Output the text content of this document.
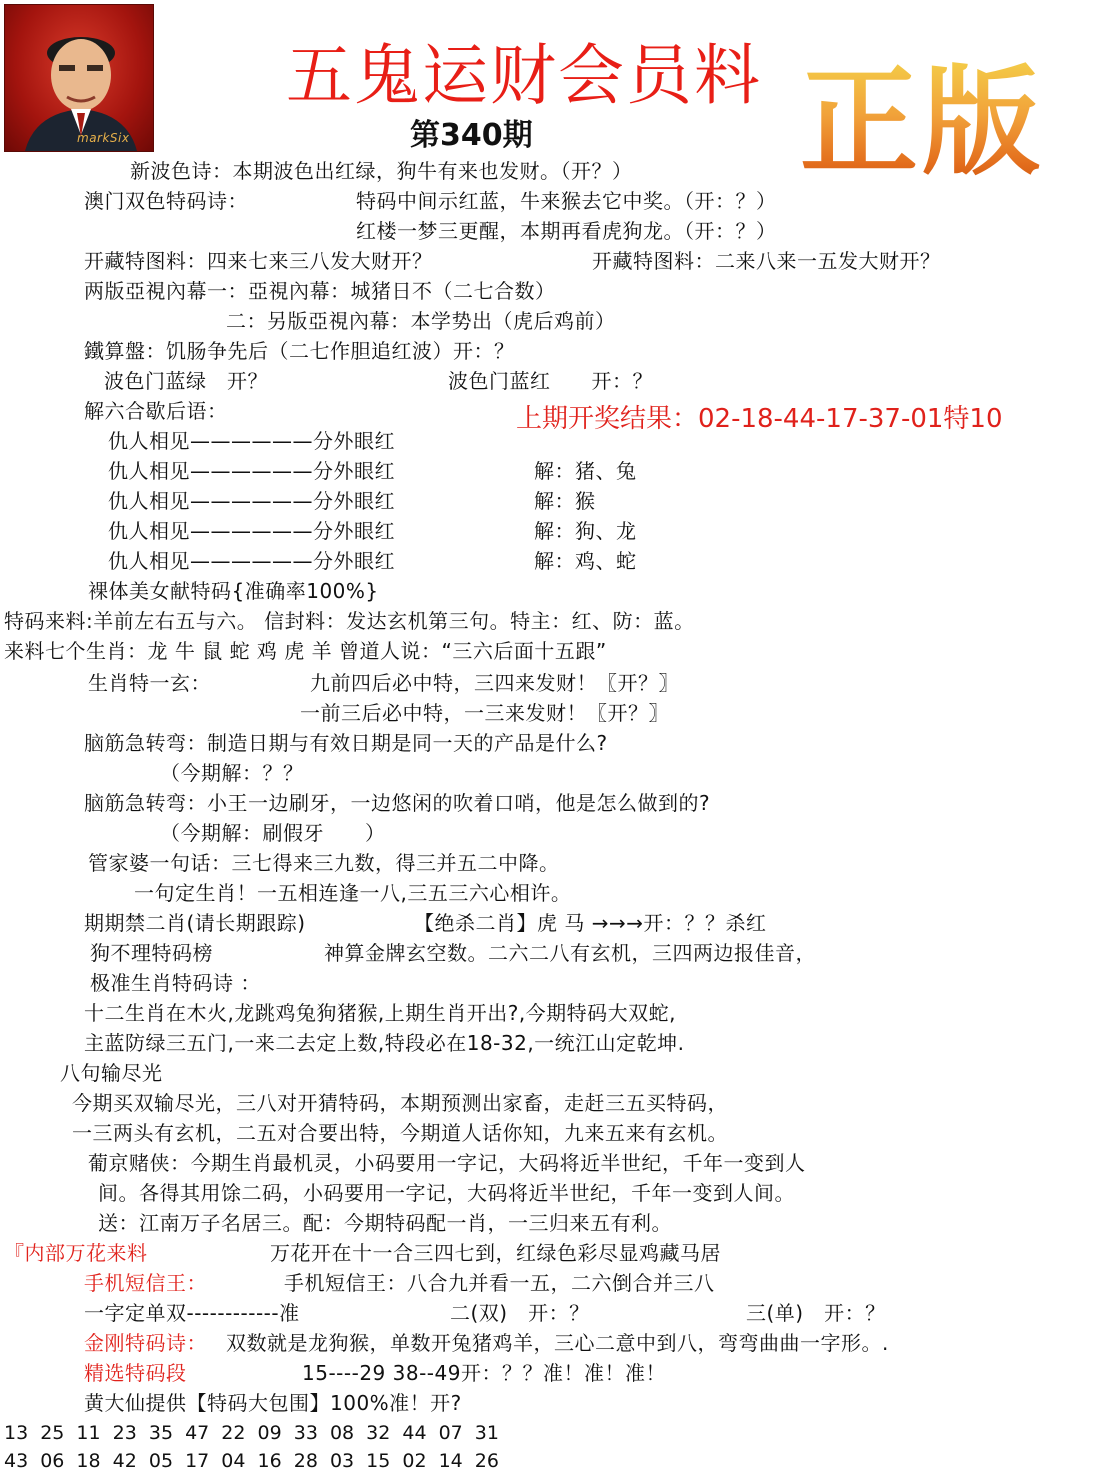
markSix
五鬼运财会员料
第340期 正版
上期开奖结果：02-18-44-17-37-01特10
新波色诗：本期波色出红绿，狗牛有来也发财。（开？）
澳门双色特码诗：	特码中间示红蓝，牛来猴去它中奖。（开：？）
红楼一梦三更醒，本期再看虎狗龙。（开：？）
开藏特图料：四来七来三八发大财开？	开藏特图料：二来八来一五发大财开？
两版亞視內幕一：亞視內幕：城猪日不（二七合数）
二：另版亞視內幕：本学势出（虎后鸡前）
鐵算盤：饥肠争先后（二七作胆追红波）开：？
波色门蓝绿　开？	波色门蓝红　　开：？
解六合歇后语：
仇人相见——————分外眼红
仇人相见——————分外眼红	解：猪、兔
仇人相见——————分外眼红	解：猴
仇人相见——————分外眼红	解：狗、龙
仇人相见——————分外眼红	解：鸡、蛇
裸体美女献特码{准确率100%}
特码来料:羊前左右五与六。 信封料：发达玄机第三句。特主：红、防：蓝。
来料七个生肖：龙 牛 鼠 蛇 鸡 虎 羊 曾道人说：“三六后面十五跟”
生肖特一玄：	九前四后必中特，三四来发财！〖开？〗
一前三后必中特，一三来发财！〖开？〗
脑筋急转弯：制造日期与有效日期是同一天的产品是什么?
（今期解：？？
脑筋急转弯：小王一边刷牙，一边悠闲的吹着口哨，他是怎么做到的?
（今期解：刷假牙　　）
管家婆一句话：三七得来三九数，得三并五二中降。
一句定生肖！一五相连逢一八,三五三六心相许。
期期禁二肖(请长期跟踪)	【绝杀二肖】虎 马 →→→开：？？杀红
狗不理特码榜	神算金牌玄空数。二六二八有玄机，三四两边报佳音，
极准生肖特码诗 ：
十二生肖在木火,龙跳鸡兔狗猪猴,上期生肖开出?,今期特码大双蛇,
主蓝防绿三五门,一来二去定上数,特段必在18-32,一统江山定乾坤.
八句输尽光
今期买双输尽光，三八对开猜特码，本期预测出家畜，走赶三五买特码，
一三两头有玄机，二五对合要出特，今期道人话你知，九来五来有玄机。
葡京赌侠：今期生肖最机灵，小码要用一字记，大码将近半世纪，千年一变到人
间。各得其用馀二码，小码要用一字记，大码将近半世纪，千年一变到人间。
送：江南万子名居三。配：今期特码配一肖，一三归来五有利。
『内部万花来料	万花开在十一合三四七到，红绿色彩尽显鸡藏马居
手机短信王：	手机短信王：八合九并看一五，二六倒合并三八
一字定单双------------准	二(双)　开：？	三(单)　开：？
金刚特码诗： 双数就是龙狗猴，单数开兔猪鸡羊，三心二意中到八，弯弯曲曲一字形。.
精选特码段	15----29 38--49开：？？准！准！准！
黄大仙提供【特码大包围】100%准！开?
13 25 11 23 35 47 22 09 33 08 32 44 07 31
43 06 18 42 05 17 04 16 28 03 15 02 14 26
